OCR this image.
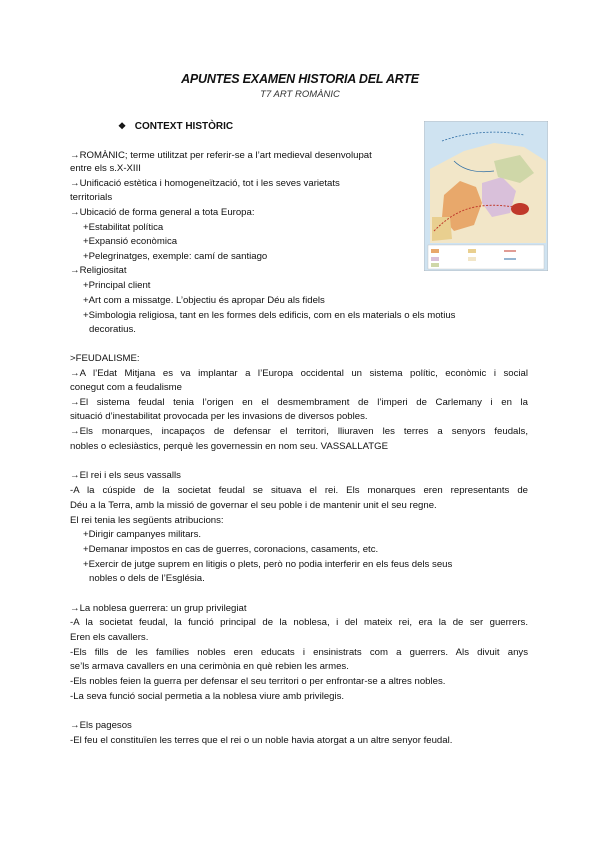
APUNTES EXAMEN HISTORIA DEL ARTE
T7 ART ROMÀNIC
❖ CONTEXT HISTÒRIC
→ROMÀNIC; terme utilitzat per referir-se a l’art medieval desenvolupat
entre els s.X-XIII
→Unificació estètica i homogeneïtzació, tot i les seves varietats
territorials
→Ubicació de forma general a tota Europa:
+Estabilitat política
+Expansió econòmica
+Pelegrinatges, exemple: camí de santiago
→Religiositat
+Principal client
+Art com a missatge. L’objectiu és apropar Déu als fidels
+Simbologia religiosa, tant en les formes dels edificis, com en els materials o els motius
decoratius.
>FEUDALISME:
→A l’Edat Mitjana es va implantar a l’Europa occidental un sistema polític, econòmic i social
conegut com a feudalisme
→El sistema feudal tenia l’origen en el desmembrament de l’imperi de Carlemany i en la
situació d’inestabilitat provocada per les invasions de diversos pobles.
→Els monarques, incapaços de defensar el territori, lliuraven les terres a senyors feudals,
nobles o eclesiàstics, perquè les governessin en nom seu. VASSALLATGE
→El rei i els seus vassalls
-A la cúspide de la societat feudal se situava el rei. Els monarques eren representants de
Déu a la Terra, amb la missió de governar el seu poble i de mantenir unit el seu regne.
El rei tenia les següents atribucions:
+Dirigir campanyes militars.
+Demanar impostos en cas de guerres, coronacions, casaments, etc.
+Exercir de jutge suprem en litigis o plets, però no podia interferir en els feus dels seus
nobles o dels de l’Església.
→La noblesa guerrera: un grup privilegiat
-A la societat feudal, la funció principal de la noblesa, i del mateix rei, era la de ser guerrers.
Eren els cavallers.
-Els fills de les famílies nobles eren educats i ensinistrats com a guerrers. Als divuit anys
se’ls armava cavallers en una cerimònia en què rebien les armes.
-Els nobles feien la guerra per defensar el seu territori o per enfrontar-se a altres nobles.
-La seva funció social permetia a la noblesa viure amb privilegis.
→Els pagesos
-El feu el constituïen les terres que el rei o un noble havia atorgat a un altre senyor feudal.
